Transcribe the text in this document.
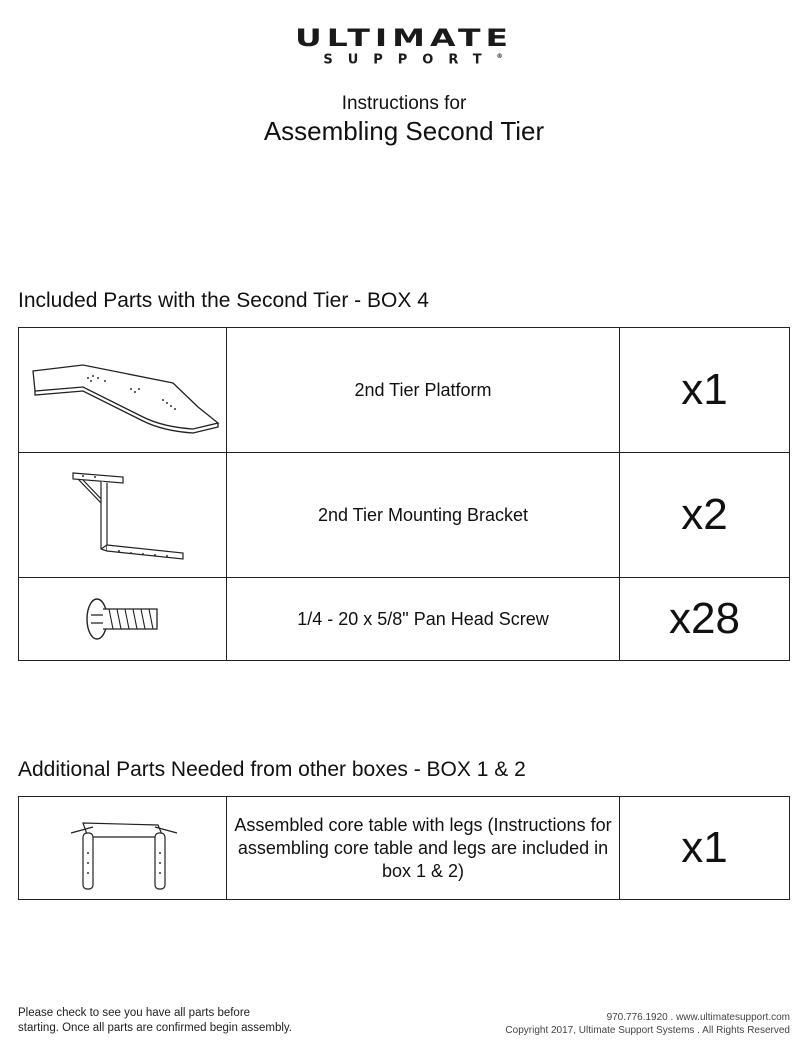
ULTIMATE
SUPPORT®
Instructions for
Assembling Second Tier
Included Parts with the Second Tier - BOX 4
	2nd Tier Platform	x1

	2nd Tier Mounting Bracket	x2

	1/4 - 20 x 5/8" Pan Head Screw	x28
Additional Parts Needed from other boxes - BOX 1 & 2
	Assembled core table with legs (Instructions for assembling core table and legs are included in box 1 & 2)	x1
Please check to see you have all parts before
starting. Once all parts are confirmed begin assembly.
970.776.1920 . www.ultimatesupport.com
Copyright 2017, Ultimate Support Systems . All Rights Reserved
